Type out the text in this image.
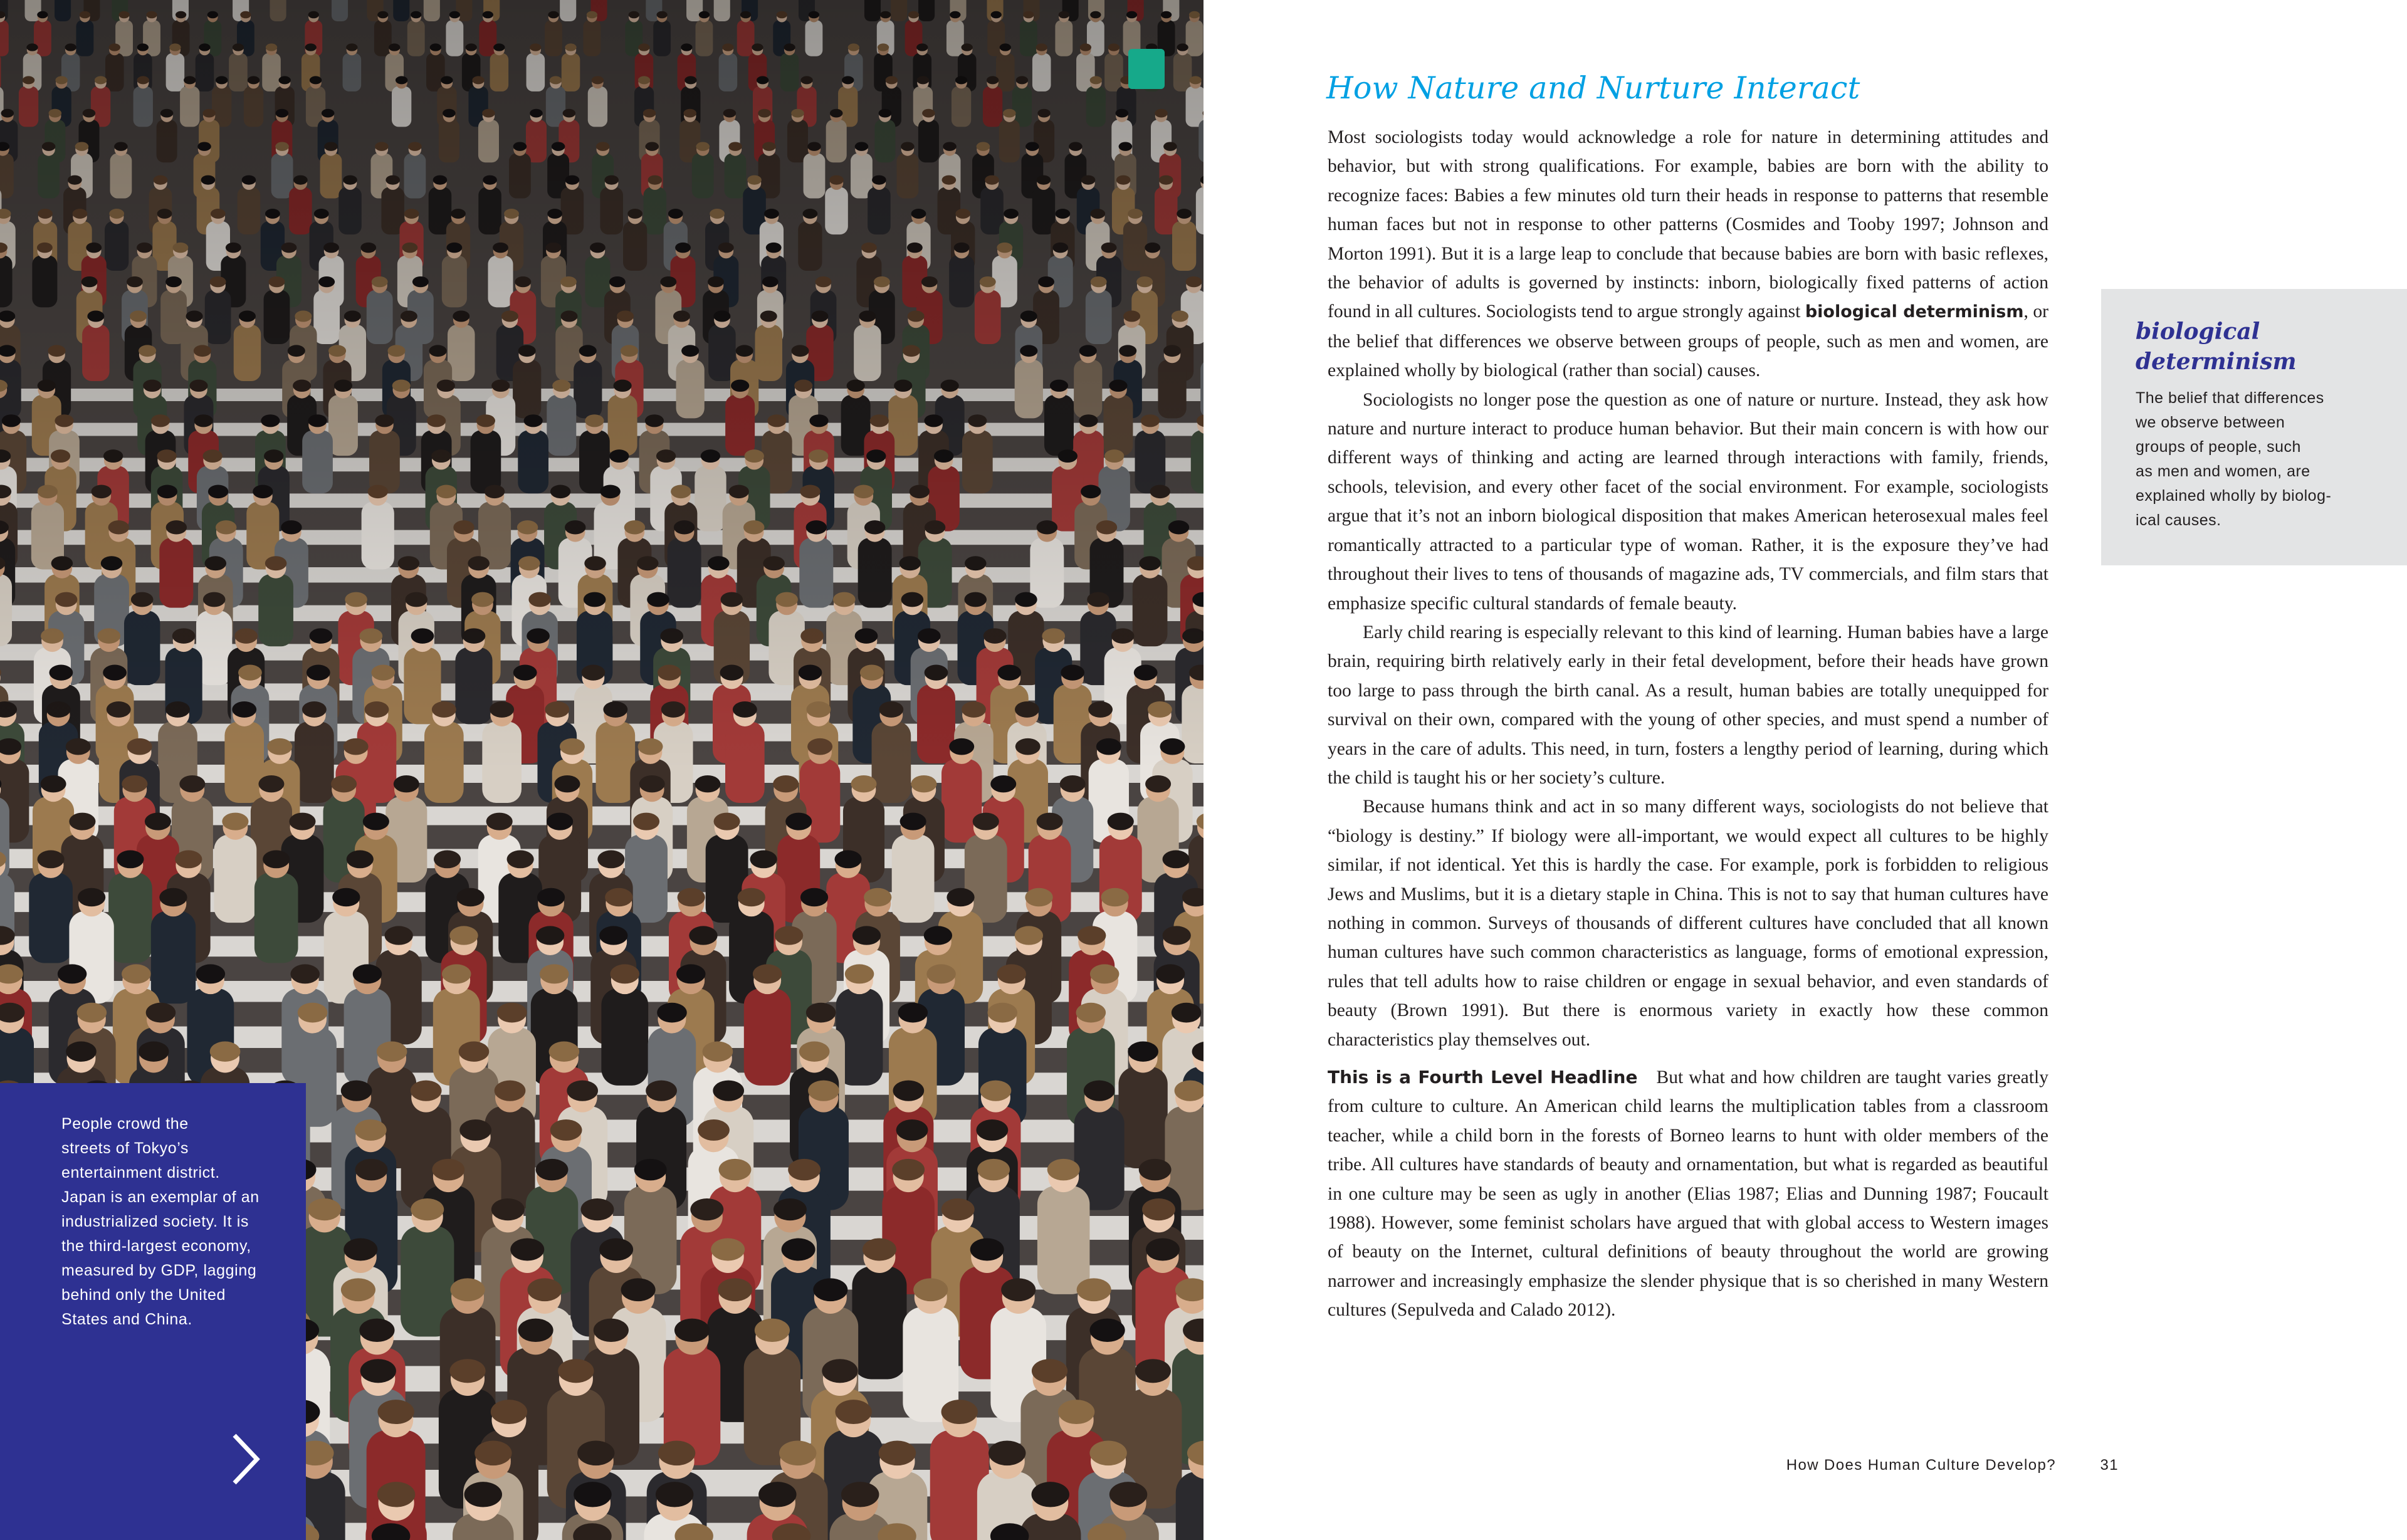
People crowd the
streets of Tokyo’s
entertainment district.
Japan is an exemplar of an
industrialized society. It is
the third-largest economy,
measured by GDP, lagging
behind only the United
States and China.

How Nature and Nurture Interact

Most sociologists today would acknowledge a role for nature in determining attitudes and behavior, but with strong qualifications. For example, babies are born with the ability to recognize faces: Babies a few minutes old turn their heads in response to patterns that resemble human faces but not in response to other patterns (Cosmides and Tooby 1997; Johnson and Morton 1991). But it is a large leap to conclude that because babies are born with basic reflexes, the behavior of adults is governed by instincts: inborn, biologically fixed patterns of action found in all cultures. Sociologists tend to argue strongly against biological determinism, or the belief that differences we observe between groups of people, such as men and women, are explained wholly by biological (rather than social) causes.

Sociologists no longer pose the question as one of nature or nurture. Instead, they ask how nature and nurture interact to produce human behavior. But their main concern is with how our different ways of thinking and acting are learned through interactions with family, friends, schools, television, and every other facet of the social environment. For example, sociologists argue that it’s not an inborn biological disposition that makes American heterosexual males feel romantically attracted to a particular type of woman. Rather, it is the exposure they’ve had throughout their lives to tens of thousands of magazine ads, TV commercials, and film stars that emphasize specific cultural standards of female beauty.

Early child rearing is especially relevant to this kind of learning. Human babies have a large brain, requiring birth relatively early in their fetal development, before their heads have grown too large to pass through the birth canal. As a result, human babies are totally unequipped for survival on their own, compared with the young of other species, and must spend a number of years in the care of adults. This need, in turn, fosters a lengthy period of learning, during which the child is taught his or her society’s culture.

Because humans think and act in so many different ways, sociologists do not believe that “biology is destiny.” If biology were all-important, we would expect all cultures to be highly similar, if not identical. Yet this is hardly the case. For example, pork is forbidden to religious Jews and Muslims, but it is a dietary staple in China. This is not to say that human cultures have nothing in common. Surveys of thousands of different cultures have concluded that all known human cultures have such common characteristics as language, forms of emotional expression, rules that tell adults how to raise children or engage in sexual behavior, and even standards of beauty (Brown 1991). But there is enormous variety in exactly how these common characteristics play themselves out.

This is a Fourth Level Headline But what and how children are taught varies greatly from culture to culture. An American child learns the multiplication tables from a classroom teacher, while a child born in the forests of Borneo learns to hunt with older members of the tribe. All cultures have standards of beauty and ornamentation, but what is regarded as beautiful in one culture may be seen as ugly in another (Elias 1987; Elias and Dunning 1987; Foucault 1988). However, some feminist scholars have argued that with global access to Western images of beauty on the Internet, cultural definitions of beauty throughout the world are growing narrower and increasingly emphasize the slender physique that is so cherished in many Western cultures (Sepulveda and Calado 2012).

biological
determinism

The belief that differences
we observe between
groups of people, such
as men and women, are
explained wholly by biolog-
ical causes.

How Does Human Culture Develop?	31
